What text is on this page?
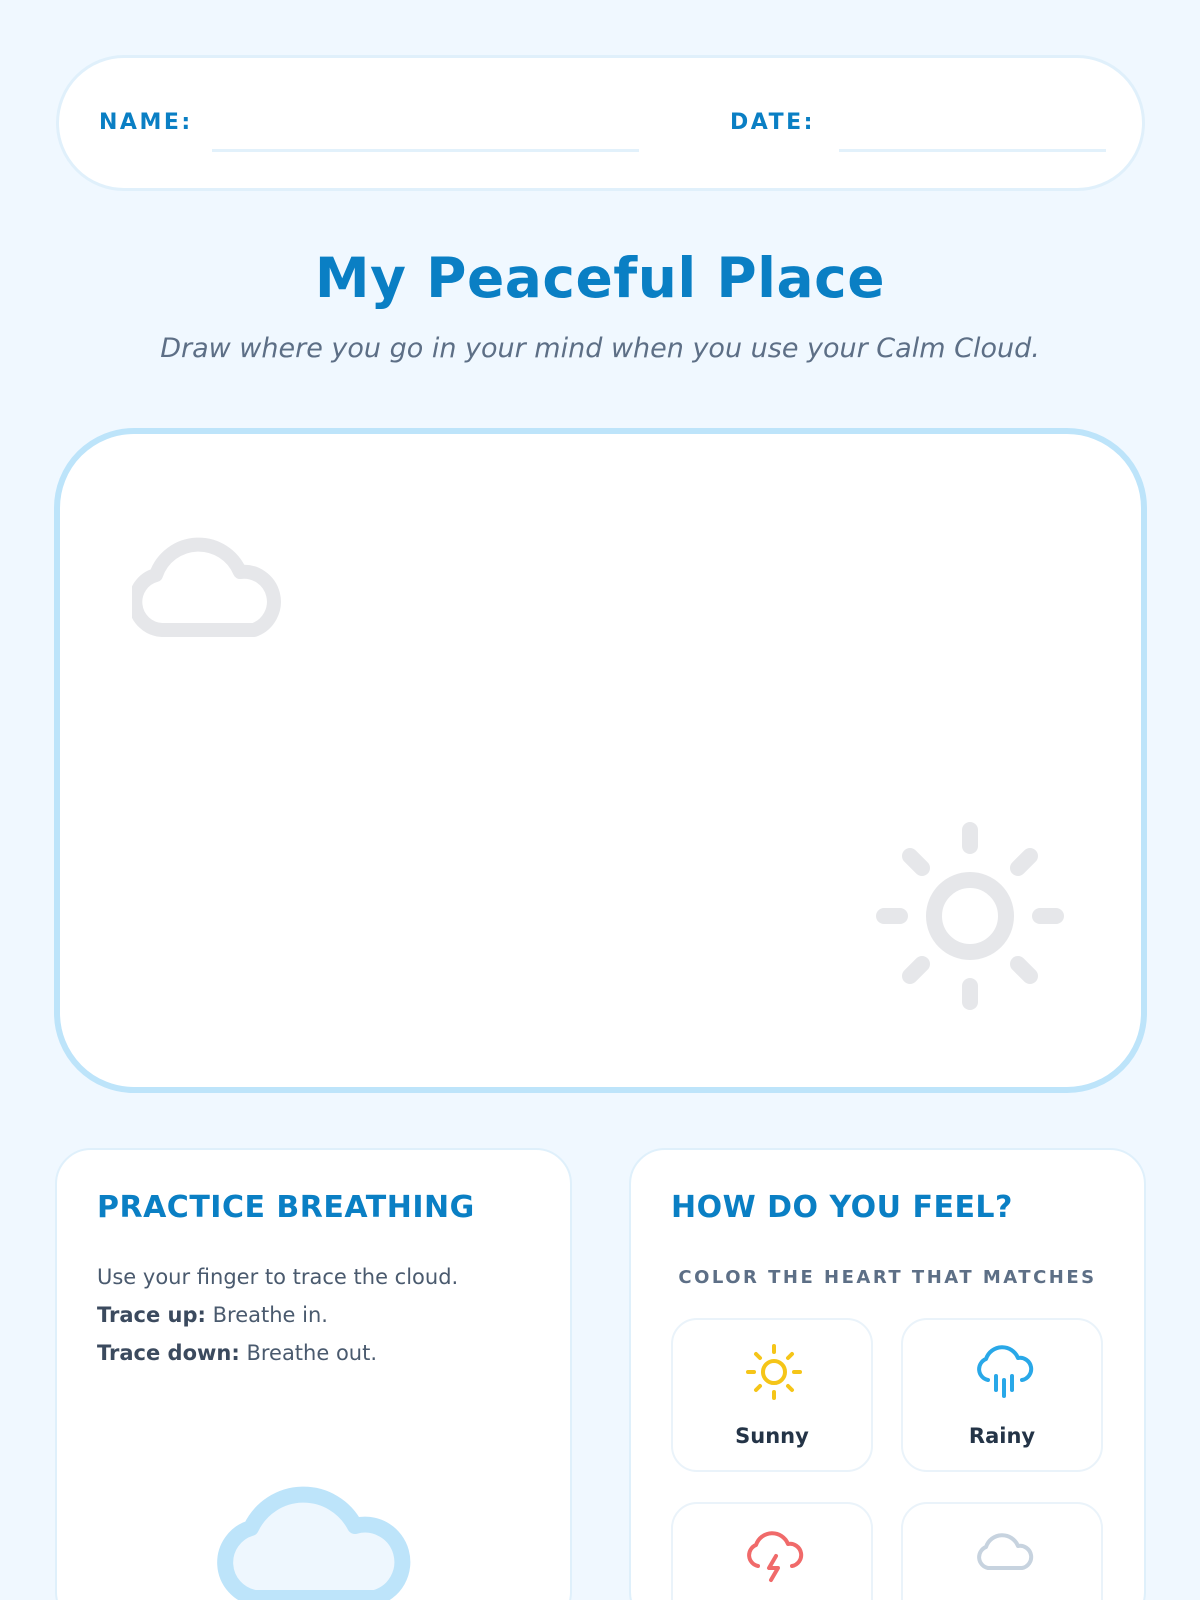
NAME:	DATE:
My Peaceful Place
Draw where you go in your mind when you use your Calm Cloud.
PRACTICE BREATHING
Use your finger to trace the cloud.
Trace up: Breathe in.
Trace down: Breathe out.
HOW DO YOU FEEL?
COLOR THE HEART THAT MATCHES
Sunny	Rainy
